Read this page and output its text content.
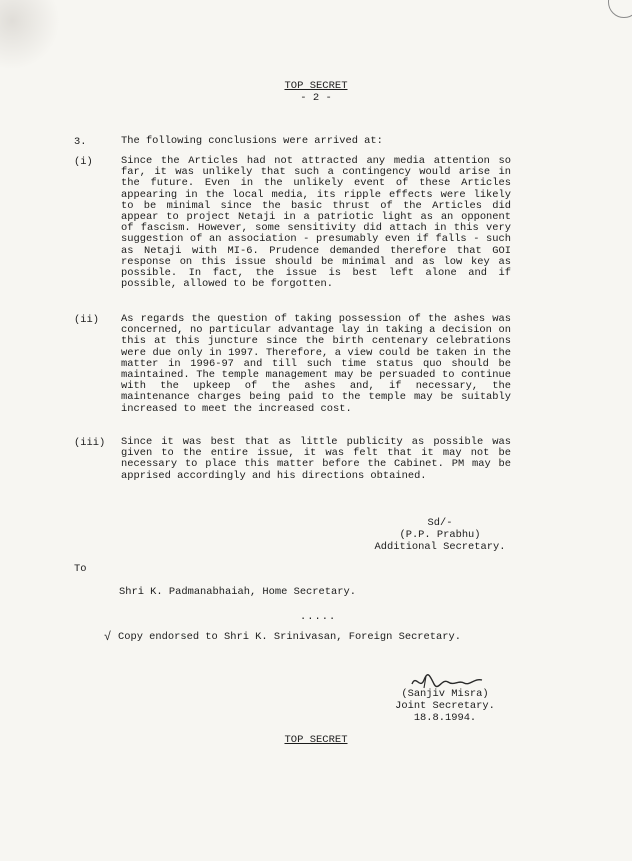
TOP SECRET
- 2 -
3.	The following conclusions were arrived at:
(i)	Since the Articles had not attracted any media attention so far, it was unlikely that such a contingency would arise in the future. Even in the unlikely event of these Articles appearing in the local media, its ripple effects were likely to be minimal since the basic thrust of the Articles did appear to project Netaji in a patriotic light as an opponent of fascism. However, some sensitivity did attach in this very suggestion of an association - presumably even if falls - such as Netaji with MI-6. Prudence demanded therefore that GOI response on this issue should be minimal and as low key as possible. In fact, the issue is best left alone and if possible, allowed to be forgotten.
(ii) As regards the question of taking possession of the ashes was concerned, no particular advantage lay in taking a decision on this at this juncture since the birth centenary celebrations were due only in 1997. Therefore, a view could be taken in the matter in 1996-97 and till such time status quo should be maintained. The temple management may be persuaded to continue with the upkeep of the ashes and, if necessary, the maintenance charges being paid to the temple may be suitably increased to meet the increased cost.
(iii) Since it was best that as little publicity as possible was given to the entire issue, it was felt that it may not be necessary to place this matter before the Cabinet. PM may be apprised accordingly and his directions obtained.
Sd/-
(P.P. Prabhu)
Additional Secretary.
To
Shri K. Padmanabhaiah, Home Secretary.
.....
√ Copy endorsed to Shri K. Srinivasan, Foreign Secretary.
(Sanjiv Misra)
Joint Secretary.
18.8.1994.
TOP SECRET
